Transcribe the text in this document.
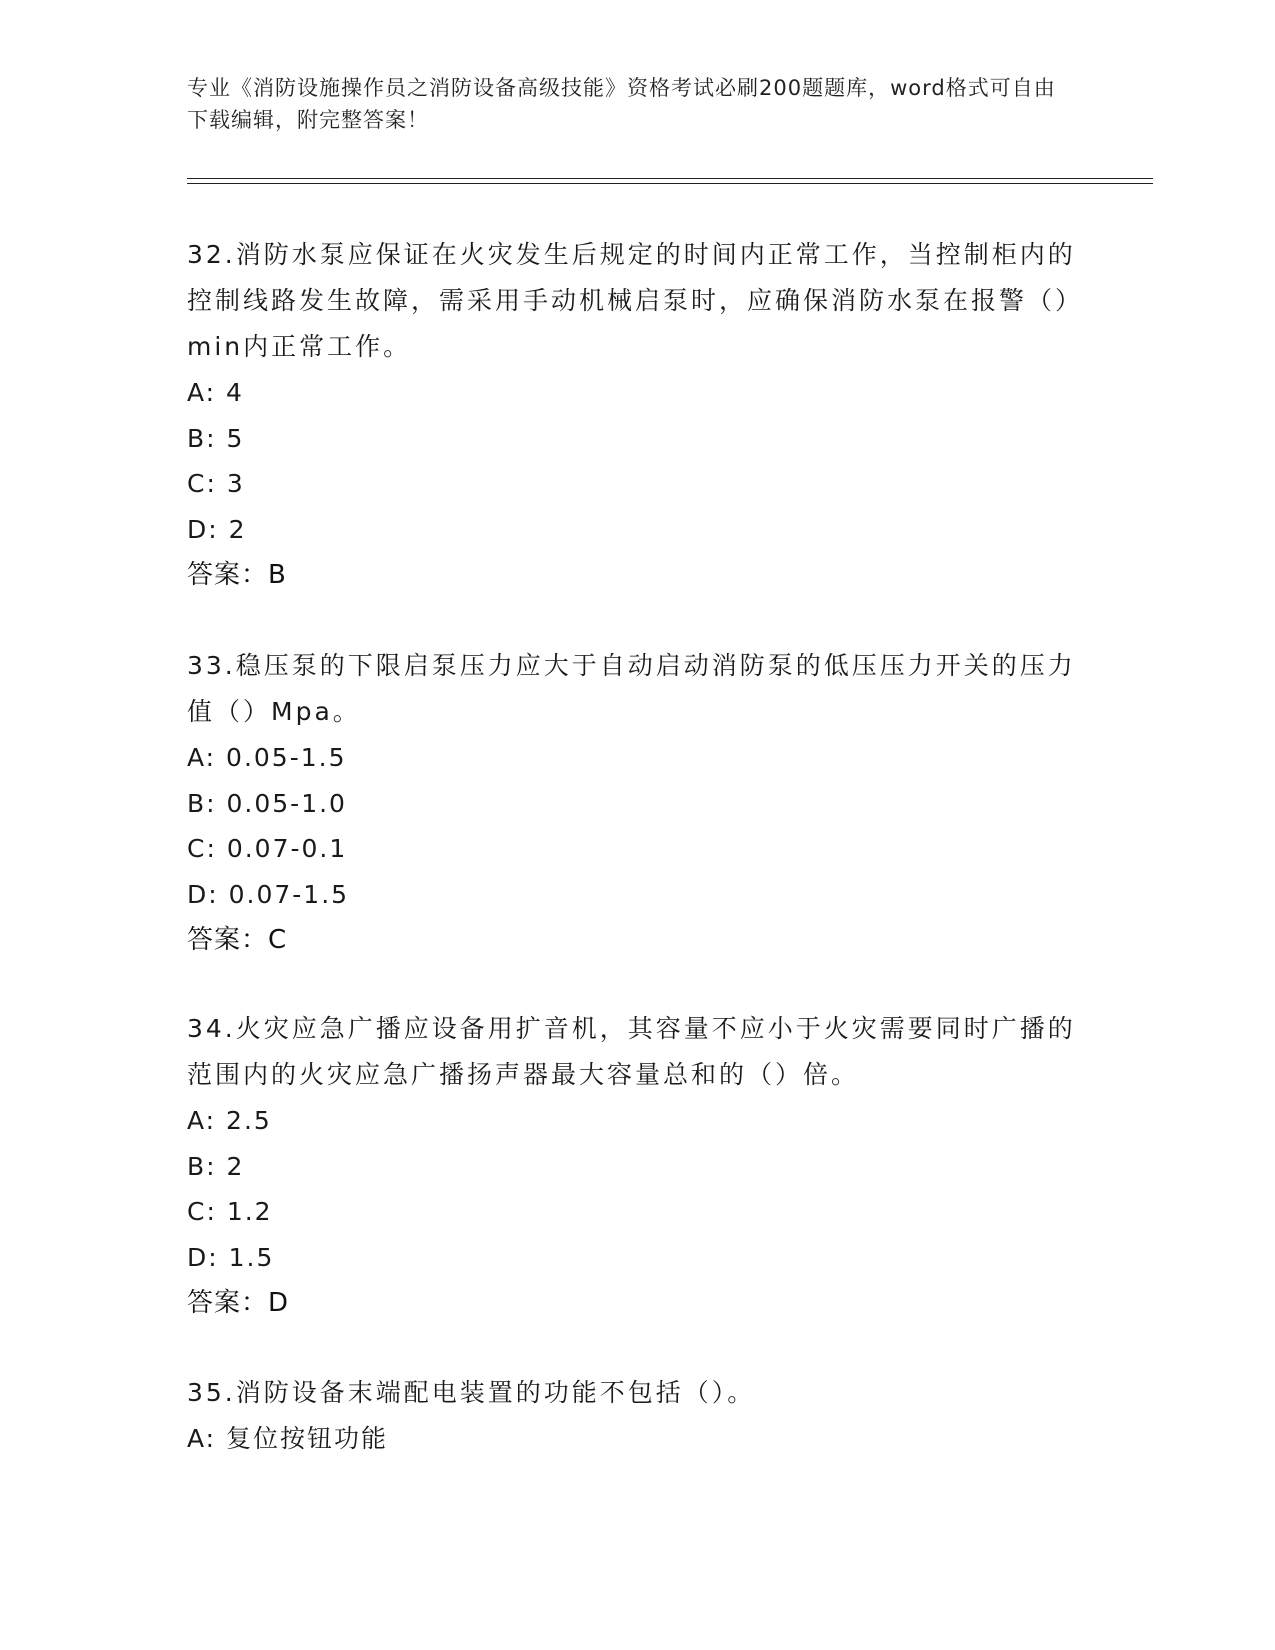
专业《消防设施操作员之消防设备高级技能》资格考试必刷200题题库，word格式可自由下载编辑，附完整答案！
32.消防水泵应保证在火灾发生后规定的时间内正常工作，当控制柜内的控制线路发生故障，需采用手动机械启泵时，应确保消防水泵在报警（）min内正常工作。
A: 4
B: 5
C: 3
D: 2
答案：B
33.稳压泵的下限启泵压力应大于自动启动消防泵的低压压力开关的压力值（）Mpa。
A: 0.05-1.5
B: 0.05-1.0
C: 0.07-0.1
D: 0.07-1.5
答案：C
34.火灾应急广播应设备用扩音机，其容量不应小于火灾需要同时广播的范围内的火灾应急广播扬声器最大容量总和的（）倍。
A: 2.5
B: 2
C: 1.2
D: 1.5
答案：D
35.消防设备末端配电装置的功能不包括（）。
A: 复位按钮功能
